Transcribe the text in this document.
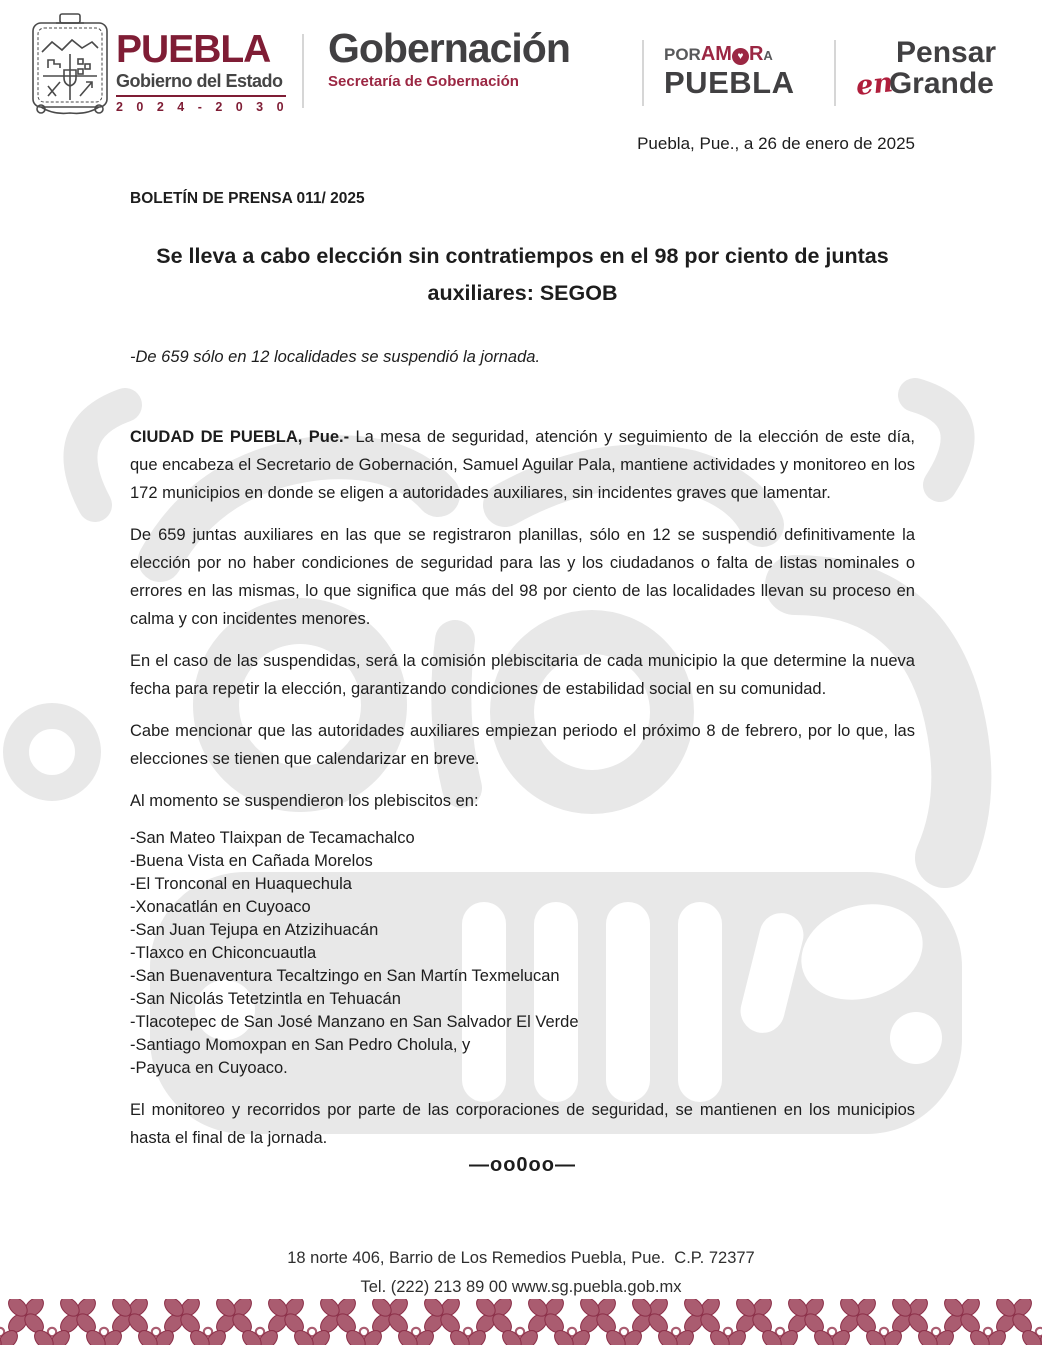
PUEBLA
Gobierno del Estado
2 0 2 4 - 2 0 3 0
Gobernación
Secretaría de Gobernación
PORAM ♥ RA
PUEBLA
Pensar
enGrande
Puebla, Pue., a 26 de enero de 2025

BOLETÍN DE PRENSA 011/ 2025

Se lleva a cabo elección sin contratiempos en el 98 por ciento de juntas auxiliares: SEGOB

-De 659 sólo en 12 localidades se suspendió la jornada.

CIUDAD DE PUEBLA, Pue.- La mesa de seguridad, atención y seguimiento de la elección de este día, que encabeza el Secretario de Gobernación, Samuel Aguilar Pala, mantiene actividades y monitoreo en los 172 municipios en donde se eligen a autoridades auxiliares, sin incidentes graves que lamentar.

De 659 juntas auxiliares en las que se registraron planillas, sólo en 12 se suspendió definitivamente la elección por no haber condiciones de seguridad para las y los ciudadanos o falta de listas nominales o errores en las mismas, lo que significa que más del 98 por ciento de las localidades llevan su proceso en calma y con incidentes menores.

En el caso de las suspendidas, será la comisión plebiscitaria de cada municipio la que determine la nueva fecha para repetir la elección, garantizando condiciones de estabilidad social en su comunidad.

Cabe mencionar que las autoridades auxiliares empiezan periodo el próximo 8 de febrero, por lo que, las elecciones se tienen que calendarizar en breve.

Al momento se suspendieron los plebiscitos en:

-San Mateo Tlaixpan de Tecamachalco
-Buena Vista en Cañada Morelos
-El Tronconal en Huaquechula
-Xonacatlán en Cuyoaco
-San Juan Tejupa en Atzizihuacán
-Tlaxco en Chiconcuautla
-San Buenaventura Tecaltzingo en San Martín Texmelucan
-San Nicolás Tetetzintla en Tehuacán
-Tlacotepec de San José Manzano en San Salvador El Verde
-Santiago Momoxpan en San Pedro Cholula, y
-Payuca en Cuyoaco.

El monitoreo y recorridos por parte de las corporaciones de seguridad, se mantienen en los municipios hasta el final de la jornada.

—oo0oo—
18 norte 406, Barrio de Los Remedios Puebla, Pue.  C.P. 72377
Tel. (222) 213 89 00 www.sg.puebla.gob.mx
